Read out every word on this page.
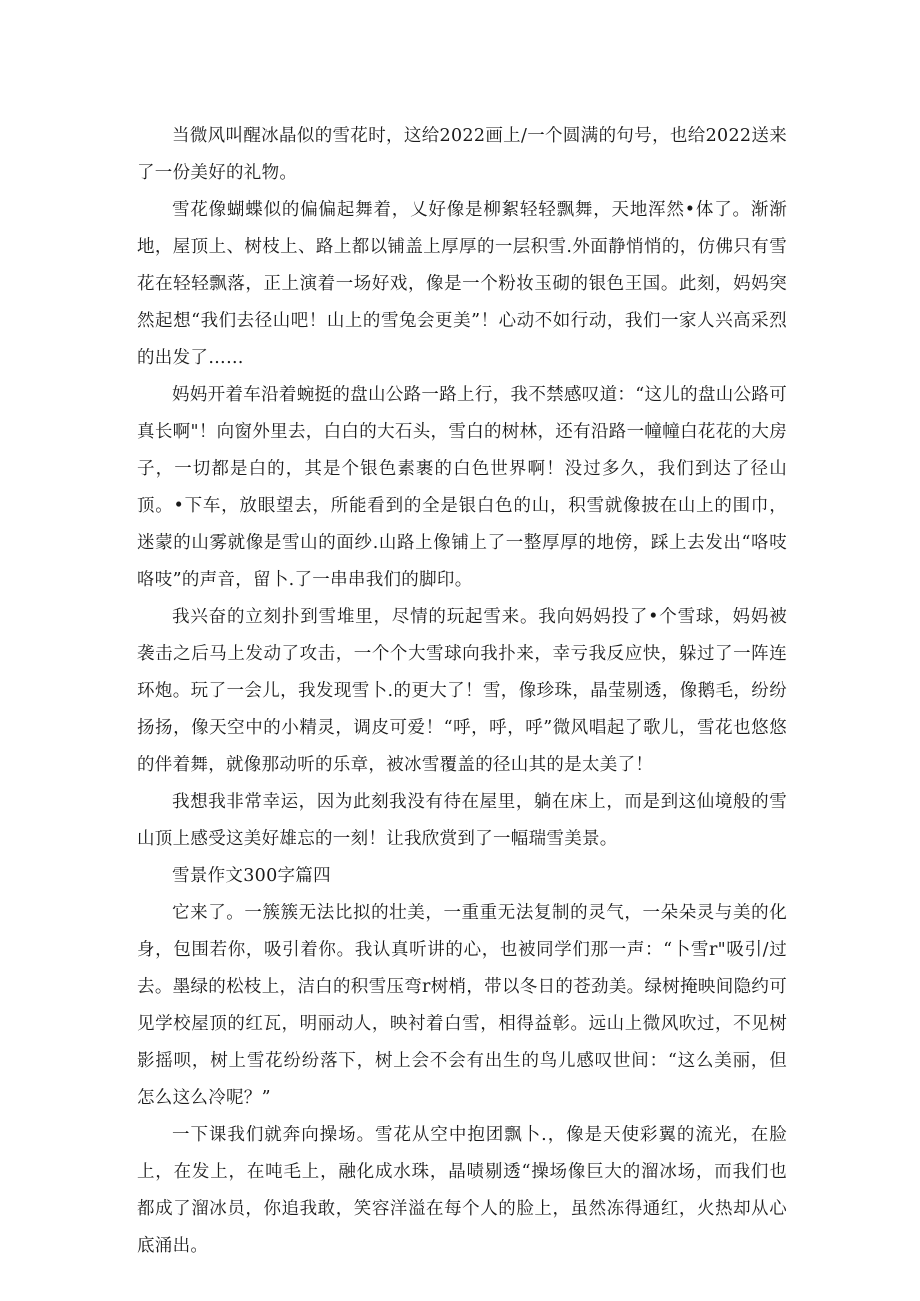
当微风叫醒冰晶似的雪花时，这给2022画上/一个圆满的句号，也给2022送来了一份美好的礼物。

雪花像蝴蝶似的偏偏起舞着，乂好像是柳絮轻轻飘舞，天地浑然•体了。渐渐地，屋顶上、树枝上、路上都以铺盖上厚厚的一层积雪.外面静悄悄的，仿佛只有雪花在轻轻飘落，正上演着一场好戏，像是一个粉妆玉砌的银色王国。此刻，妈妈突然起想“我们去径山吧！山上的雪兔会更美”！心动不如行动，我们一家人兴高采烈的出发了……

妈妈开着车沿着蜿挺的盘山公路一路上行，我不禁感叹道：“这儿的盘山公路可真长啊"！向窗外里去，白白的大石头，雪白的树林，还有沿路一幢幢白花花的大房子，一切都是白的，其是个银色素裹的白色世界啊！没过多久，我们到达了径山顶。•下车，放眼望去，所能看到的全是银白色的山，积雪就像披在山上的围巾，迷蒙的山雾就像是雪山的面纱.山路上像铺上了一整厚厚的地傍，踩上去发出“咯吱咯吱”的声音，留卜.了一串串我们的脚印。

我兴奋的立刻扑到雪堆里，尽情的玩起雪来。我向妈妈投了•个雪球，妈妈被袭击之后马上发动了攻击，一个个大雪球向我扑来，幸亏我反应快，躲过了一阵连环炮。玩了一会儿，我发现雪卜.的更大了！雪，像珍珠，晶莹剔透，像鹅毛，纷纷扬扬，像天空中的小精灵，调皮可爱！“呼，呼，呼”微风唱起了歌儿，雪花也悠悠的伴着舞，就像那动听的乐章，被冰雪覆盖的径山其的是太美了！

我想我非常幸运，因为此刻我没有待在屋里，躺在床上，而是到这仙境般的雪山顶上感受这美好雄忘的一刻！让我欣赏到了一幅瑞雪美景。

雪景作文300字篇四

它来了。一簇簇无法比拟的壮美，一重重无法复制的灵气，一朵朵灵与美的化身，包围若你，吸引着你。我认真听讲的心，也被同学们那一声：“卜雪r"吸引/过去。墨绿的松枝上，洁白的积雪压弯r树梢，带以冬日的苍劲美。绿树掩映间隐约可见学校屋顶的红瓦，明丽动人，映衬着白雪，相得益彰。远山上微风吹过，不见树影摇呗，树上雪花纷纷落下，树上会不会有出生的鸟儿感叹世间：“这么美丽，但怎么这么冷呢？”

一下课我们就奔向操场。雪花从空中抱团飘卜.，像是天使彩翼的流光，在脸上，在发上，在吨毛上，融化成水珠，晶啧剔透“操场像巨大的溜冰场，而我们也都成了溜冰员，你追我敢，笑容洋溢在每个人的脸上，虽然冻得通红，火热却从心底涌出。
